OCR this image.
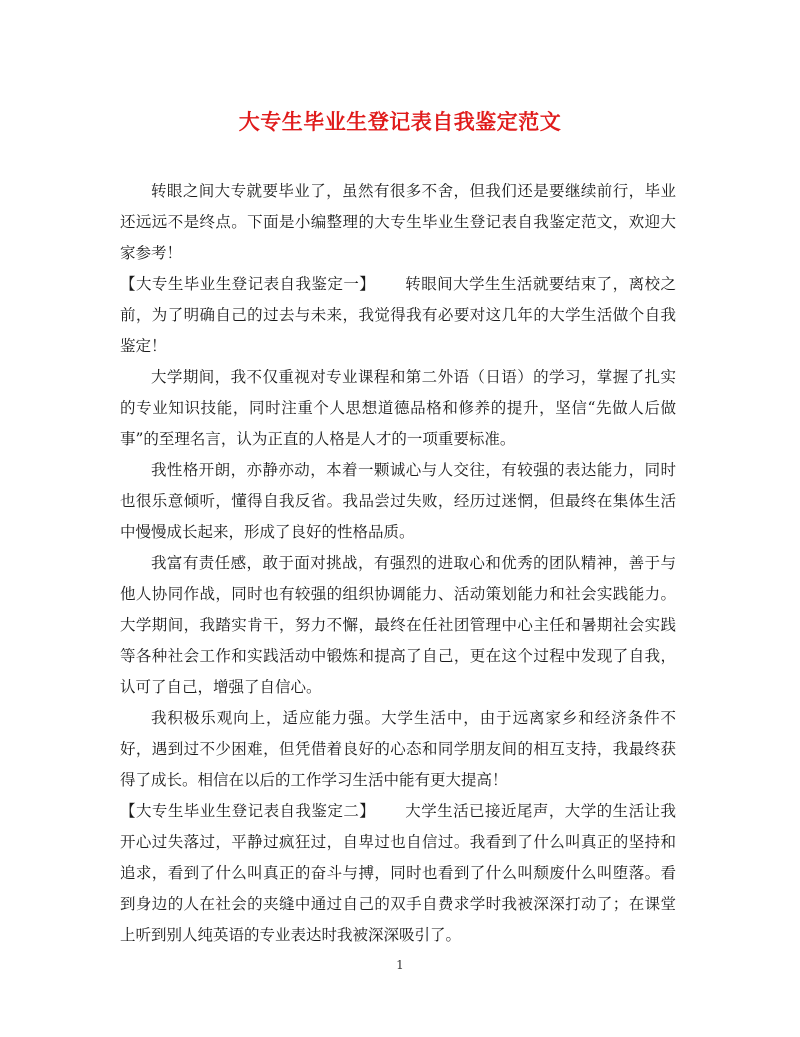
大专生毕业生登记表自我鉴定范文

转眼之间大专就要毕业了，虽然有很多不舍，但我们还是要继续前行，毕业还远远不是终点。下面是小编整理的大专生毕业生登记表自我鉴定范文，欢迎大家参考！

【大专生毕业生登记表自我鉴定一】 转眼间大学生生活就要结束了，离校之前，为了明确自己的过去与未来，我觉得我有必要对这几年的大学生活做个自我鉴定！

大学期间，我不仅重视对专业课程和第二外语（日语）的学习，掌握了扎实的专业知识技能，同时注重个人思想道德品格和修养的提升，坚信“先做人后做事”的至理名言，认为正直的人格是人才的一项重要标准。

我性格开朗，亦静亦动，本着一颗诚心与人交往，有较强的表达能力，同时也很乐意倾听，懂得自我反省。我品尝过失败，经历过迷惘，但最终在集体生活中慢慢成长起来，形成了良好的性格品质。

我富有责任感，敢于面对挑战，有强烈的进取心和优秀的团队精神，善于与他人协同作战，同时也有较强的组织协调能力、活动策划能力和社会实践能力。大学期间，我踏实肯干，努力不懈，最终在任社团管理中心主任和暑期社会实践等各种社会工作和实践活动中锻炼和提高了自己，更在这个过程中发现了自我，认可了自己，增强了自信心。

我积极乐观向上，适应能力强。大学生活中，由于远离家乡和经济条件不好，遇到过不少困难，但凭借着良好的心态和同学朋友间的相互支持，我最终获得了成长。相信在以后的工作学习生活中能有更大提高！

【大专生毕业生登记表自我鉴定二】 大学生活已接近尾声，大学的生活让我开心过失落过，平静过疯狂过，自卑过也自信过。我看到了什么叫真正的坚持和追求，看到了什么叫真正的奋斗与搏，同时也看到了什么叫颓废什么叫堕落。看到身边的人在社会的夹缝中通过自己的双手自费求学时我被深深打动了；在课堂上听到别人纯英语的专业表达时我被深深吸引了。

1
